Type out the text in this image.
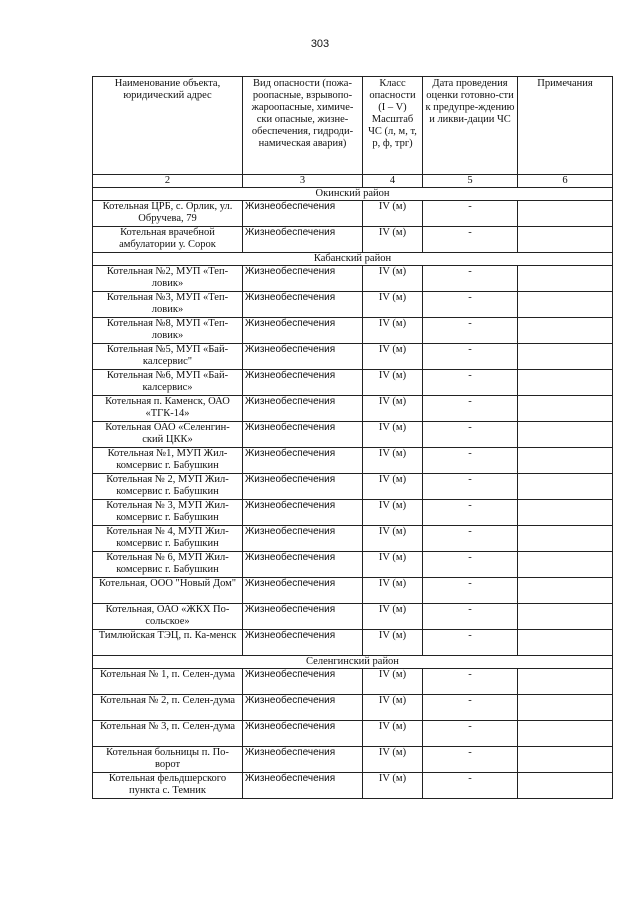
303
Наименование объекта, юридический адрес	Вид опасности (пожа-роопасные, взрывопо-жароопасные, химиче-ски опасные, жизне-обеспечения, гидроди-намическая авария)	Класс опасности (I – V) Масштаб ЧС (л, м, т, р, ф, трг)	Дата проведения оценки готовно-сти к предупре-ждению и ликви-дации ЧС	Примечания
2	3	4	5	6
Окинский район				
Котельная ЦРБ, с. Орлик, ул. Обручева, 79	Жизнеобеспечения	IV (м)	-	
Котельная врачебной амбулатории у. Сорок	Жизнеобеспечения	IV (м)	-	
Кабанский район				
Котельная №2, МУП «Теп-ловик»	Жизнеобеспечения	IV (м)	-	
Котельная №3, МУП «Теп-ловик»	Жизнеобеспечения	IV (м)	-	
Котельная №8, МУП «Теп-ловик»	Жизнеобеспечения	IV (м)	-	
Котельная №5, МУП «Бай-калсервис"	Жизнеобеспечения	IV (м)	-	
Котельная №6, МУП «Бай-калсервис»	Жизнеобеспечения	IV (м)	-	
Котельная п. Каменск, ОАО «ТГК-14»	Жизнеобеспечения	IV (м)	-	
Котельная ОАО «Селенгин-ский ЦКК»	Жизнеобеспечения	IV (м)	-	
Котельная №1, МУП Жил-комсервис г. Бабушкин	Жизнеобеспечения	IV (м)	-	
Котельная № 2, МУП Жил-комсервис г. Бабушкин	Жизнеобеспечения	IV (м)	-	
Котельная № 3, МУП Жил-комсервис г. Бабушкин	Жизнеобеспечения	IV (м)	-	
Котельная № 4, МУП Жил-комсервис г. Бабушкин	Жизнеобеспечения	IV (м)	-	
Котельная № 6, МУП Жил-комсервис г. Бабушкин	Жизнеобеспечения	IV (м)	-	
Котельная, ООО "Новый Дом"	Жизнеобеспечения	IV (м)	-	
Котельная, ОАО «ЖКХ По-сольское»	Жизнеобеспечения	IV (м)	-	
Тимлюйская ТЭЦ, п. Ка-менск	Жизнеобеспечения	IV (м)	-	
Селенгинский район				
Котельная № 1, п. Селен-дума	Жизнеобеспечения	IV (м)	-	
Котельная № 2, п. Селен-дума	Жизнеобеспечения	IV (м)	-	
Котельная № 3, п. Селен-дума	Жизнеобеспечения	IV (м)	-	
Котельная больницы п. По-ворот	Жизнеобеспечения	IV (м)	-	
Котельная фельдшерского пункта с. Темник	Жизнеобеспечения	IV (м)	-	
